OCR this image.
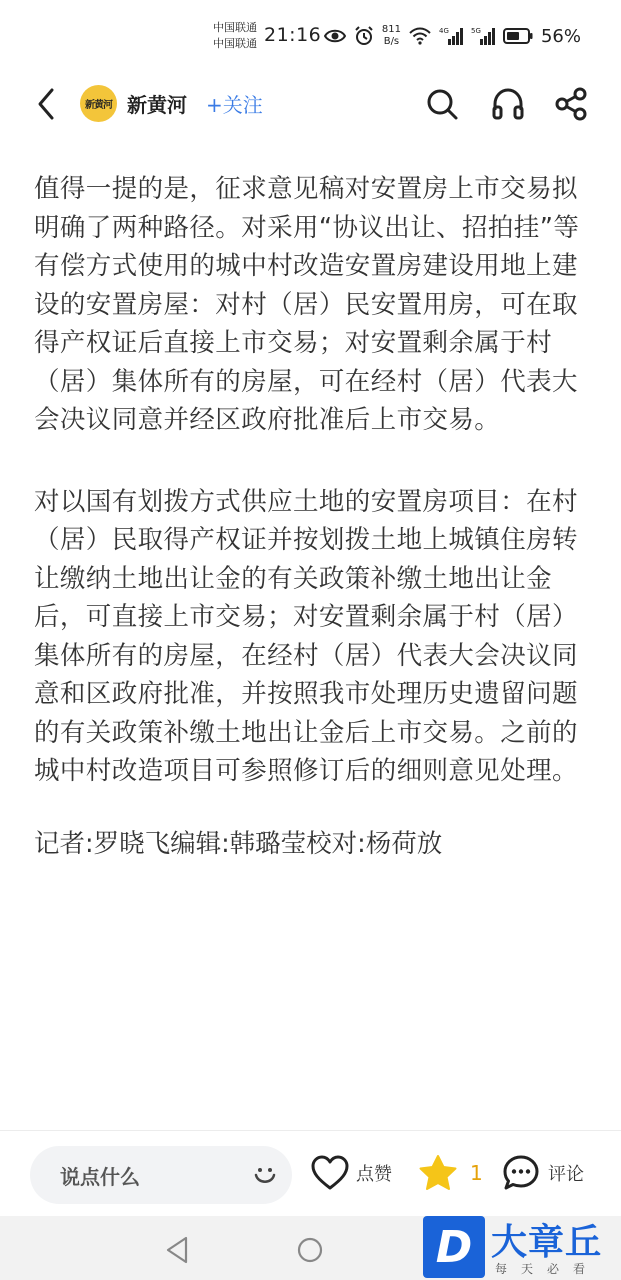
中国联通
中国联通 21:16	811
B/s
4G	5G	56%
新黄河 新黄河 +关注

值得一提的是，征求意见稿对安置房上市交易拟明确了两种路径。对采用“协议出让、招拍挂”等有偿方式使用的城中村改造安置房建设用地上建设的安置房屋：对村（居）民安置用房，可在取得产权证后直接上市交易；对安置剩余属于村（居）集体所有的房屋，可在经村（居）代表大会决议同意并经区政府批准后上市交易。

对以国有划拨方式供应土地的安置房项目：在村（居）民取得产权证并按划拨土地上城镇住房转让缴纳土地出让金的有关政策补缴土地出让金后，可直接上市交易；对安置剩余属于村（居）集体所有的房屋，在经村（居）代表大会决议同意和区政府批准，并按照我市处理历史遗留问题的有关政策补缴土地出让金后上市交易。之前的城中村改造项目可参照修订后的细则意见处理。

记者:罗晓飞编辑:韩璐莹校对:杨荷放

说点什么	点赞	1	评论
D 大章丘
每天必看
